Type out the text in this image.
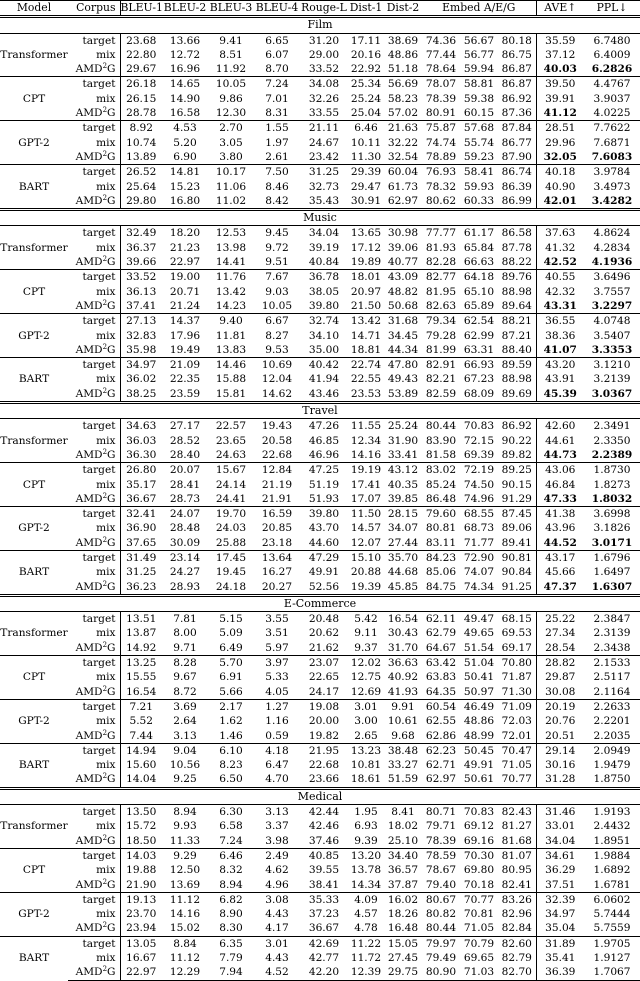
Model	Corpus	BLEU-1	BLEU-2	BLEU-3	BLEU-4	Rouge-L	Dist-1	Dist-2	Embed A/E/G			AVE↑	PPL↓
Film													
Transformer	target	23.68	13.66	9.41	6.65	31.20	17.11	38.69	74.36	56.67	80.18	35.59	6.7480
	mix	22.80	12.72	8.51	6.07	29.00	20.16	48.86	77.44	56.77	86.75	37.12	6.4009
	AMD$^2$G	29.67	16.96	11.92	8.70	33.52	22.92	51.18	78.64	59.94	86.87	40.03	6.2826
CPT	target	26.18	14.65	10.05	7.24	34.08	25.34	56.69	78.07	58.81	86.87	39.50	4.4767
	mix	26.15	14.90	9.86	7.01	32.26	25.24	58.23	78.39	59.38	86.92	39.91	3.9037
	AMD$^2$G	28.78	16.58	12.30	8.31	33.55	25.04	57.02	80.91	60.15	87.36	41.12	4.0225
GPT-2	target	8.92	4.53	2.70	1.55	21.11	6.46	21.63	75.87	57.68	87.84	28.51	7.7622
	mix	10.74	5.20	3.05	1.97	24.67	10.11	32.22	74.74	55.74	86.77	29.96	7.6871
	AMD$^2$G	13.89	6.90	3.80	2.61	23.42	11.30	32.54	78.89	59.23	87.90	32.05	7.6083
BART	target	26.52	14.81	10.17	7.50	31.25	29.39	60.04	76.93	58.41	86.74	40.18	3.9784
	mix	25.64	15.23	11.06	8.46	32.73	29.47	61.73	78.32	59.93	86.39	40.90	3.4973
	AMD$^2$G	29.80	16.80	11.02	8.42	35.43	30.91	62.97	80.62	60.33	86.99	42.01	3.4282
Music													
Transformer	target	32.49	18.20	12.53	9.45	34.04	13.65	30.98	77.77	61.17	86.58	37.63	4.8624
	mix	36.37	21.23	13.98	9.72	39.19	17.12	39.06	81.93	65.84	87.78	41.32	4.2834
	AMD$^2$G	39.66	22.97	14.41	9.51	40.84	19.89	40.77	82.28	66.63	88.22	42.52	4.1936
CPT	target	33.52	19.00	11.76	7.67	36.78	18.01	43.09	82.77	64.18	89.76	40.55	3.6496
	mix	36.13	20.71	13.42	9.03	38.05	20.97	48.82	81.95	65.10	88.98	42.32	3.7557
	AMD$^2$G	37.41	21.24	14.23	10.05	39.80	21.50	50.68	82.63	65.89	89.64	43.31	3.2297
GPT-2	target	27.13	14.37	9.40	6.67	32.74	13.42	31.68	79.34	62.54	88.21	36.55	4.0748
	mix	32.83	17.96	11.81	8.27	34.10	14.71	34.45	79.28	62.99	87.21	38.36	3.5407
	AMD$^2$G	35.98	19.49	13.83	9.53	35.00	18.81	44.34	81.99	63.31	88.40	41.07	3.3353
BART	target	34.97	21.09	14.46	10.69	40.42	22.74	47.80	82.91	66.93	89.59	43.20	3.1210
	mix	36.02	22.35	15.88	12.04	41.94	22.55	49.43	82.21	67.23	88.98	43.91	3.2139
	AMD$^2$G	38.25	23.59	15.81	14.62	43.46	23.53	53.89	82.59	68.09	89.69	45.39	3.0367
Travel													
Transformer	target	34.63	27.17	22.57	19.43	47.26	11.55	25.24	80.44	70.83	86.92	42.60	2.3491
	mix	36.03	28.52	23.65	20.58	46.85	12.34	31.90	83.90	72.15	90.22	44.61	2.3350
	AMD$^2$G	36.30	28.40	24.63	22.68	46.96	14.16	33.41	81.58	69.39	89.82	44.73	2.2389
CPT	target	26.80	20.07	15.67	12.84	47.25	19.19	43.12	83.02	72.19	89.25	43.06	1.8730
	mix	35.17	28.41	24.14	21.19	51.19	17.41	40.35	85.24	74.50	90.15	46.84	1.8273
	AMD$^2$G	36.67	28.73	24.41	21.91	51.93	17.07	39.85	86.48	74.96	91.29	47.33	1.8032
GPT-2	target	32.41	24.07	19.70	16.59	39.80	11.50	28.15	79.60	68.55	87.45	41.38	3.6998
	mix	36.90	28.48	24.03	20.85	43.70	14.57	34.07	80.81	68.73	89.06	43.96	3.1826
	AMD$^2$G	37.65	30.09	25.88	23.18	44.60	12.07	27.44	83.11	71.77	89.41	44.52	3.0171
BART	target	31.49	23.14	17.45	13.64	47.29	15.10	35.70	84.23	72.90	90.81	43.17	1.6796
	mix	31.25	24.27	19.45	16.27	49.91	20.88	44.68	85.06	74.07	90.84	45.66	1.6497
	AMD$^2$G	36.23	28.93	24.18	20.27	52.56	19.39	45.85	84.75	74.34	91.25	47.37	1.6307
E-Commerce													
Transformer	target	13.51	7.81	5.15	3.55	20.48	5.42	16.54	62.11	49.47	68.15	25.22	2.3847
	mix	13.87	8.00	5.09	3.51	20.62	9.11	30.43	62.79	49.65	69.53	27.34	2.3139
	AMD$^2$G	14.92	9.71	6.49	5.97	21.62	9.37	31.70	64.67	51.54	69.17	28.54	2.3438
CPT	target	13.25	8.28	5.70	3.97	23.07	12.02	36.63	63.42	51.04	70.80	28.82	2.1533
	mix	15.55	9.67	6.91	5.33	22.65	12.75	40.92	63.83	50.41	71.87	29.87	2.5117
	AMD$^2$G	16.54	8.72	5.66	4.05	24.17	12.69	41.93	64.35	50.97	71.30	30.08	2.1164
GPT-2	target	7.21	3.69	2.17	1.27	19.08	3.01	9.91	60.54	46.49	71.09	20.19	2.2633
	mix	5.52	2.64	1.62	1.16	20.00	3.00	10.61	62.55	48.86	72.03	20.76	2.2201
	AMD$^2$G	7.44	3.13	1.46	0.59	19.82	2.65	9.68	62.86	48.99	72.01	20.51	2.2035
BART	target	14.94	9.04	6.10	4.18	21.95	13.23	38.48	62.23	50.45	70.47	29.14	2.0949
	mix	15.60	10.56	8.23	6.47	22.68	10.81	33.27	62.71	49.91	71.05	30.16	1.9479
	AMD$^2$G	14.04	9.25	6.50	4.70	23.66	18.61	51.59	62.97	50.61	70.77	31.28	1.8750
Medical													
Transformer	target	13.50	8.94	6.30	3.13	42.44	1.95	8.41	80.71	70.83	82.43	31.46	1.9193
	mix	15.72	9.93	6.58	3.37	42.46	6.93	18.02	79.71	69.12	81.27	33.01	2.4432
	AMD$^2$G	18.50	11.33	7.24	3.98	37.46	9.39	25.10	78.39	69.16	81.68	34.04	1.8951
CPT	target	14.03	9.29	6.46	2.49	40.85	13.20	34.40	78.59	70.30	81.07	34.61	1.9884
	mix	19.88	12.50	8.32	4.62	39.55	13.78	36.57	78.67	69.80	80.95	36.29	1.6892
	AMD$^2$G	21.90	13.69	8.94	4.96	38.41	14.34	37.87	79.40	70.18	82.41	37.51	1.6781
GPT-2	target	19.13	11.12	6.82	3.08	35.33	4.09	16.02	80.67	70.77	83.26	32.39	6.0602
	mix	23.70	14.16	8.90	4.43	37.23	4.57	18.26	80.82	70.81	82.96	34.97	5.7444
	AMD$^2$G	23.94	15.02	8.30	4.17	36.67	4.78	16.48	80.44	71.05	82.84	35.04	5.7559
BART	target	13.05	8.84	6.35	3.01	42.69	11.22	15.05	79.97	70.79	82.60	31.89	1.9705
	mix	16.67	11.12	7.79	4.43	42.77	11.72	27.45	79.49	69.65	82.79	35.41	1.9127
	AMD$^2$G	22.97	12.29	7.94	4.52	42.20	12.39	29.75	80.90	71.03	82.70	36.39	1.7067
